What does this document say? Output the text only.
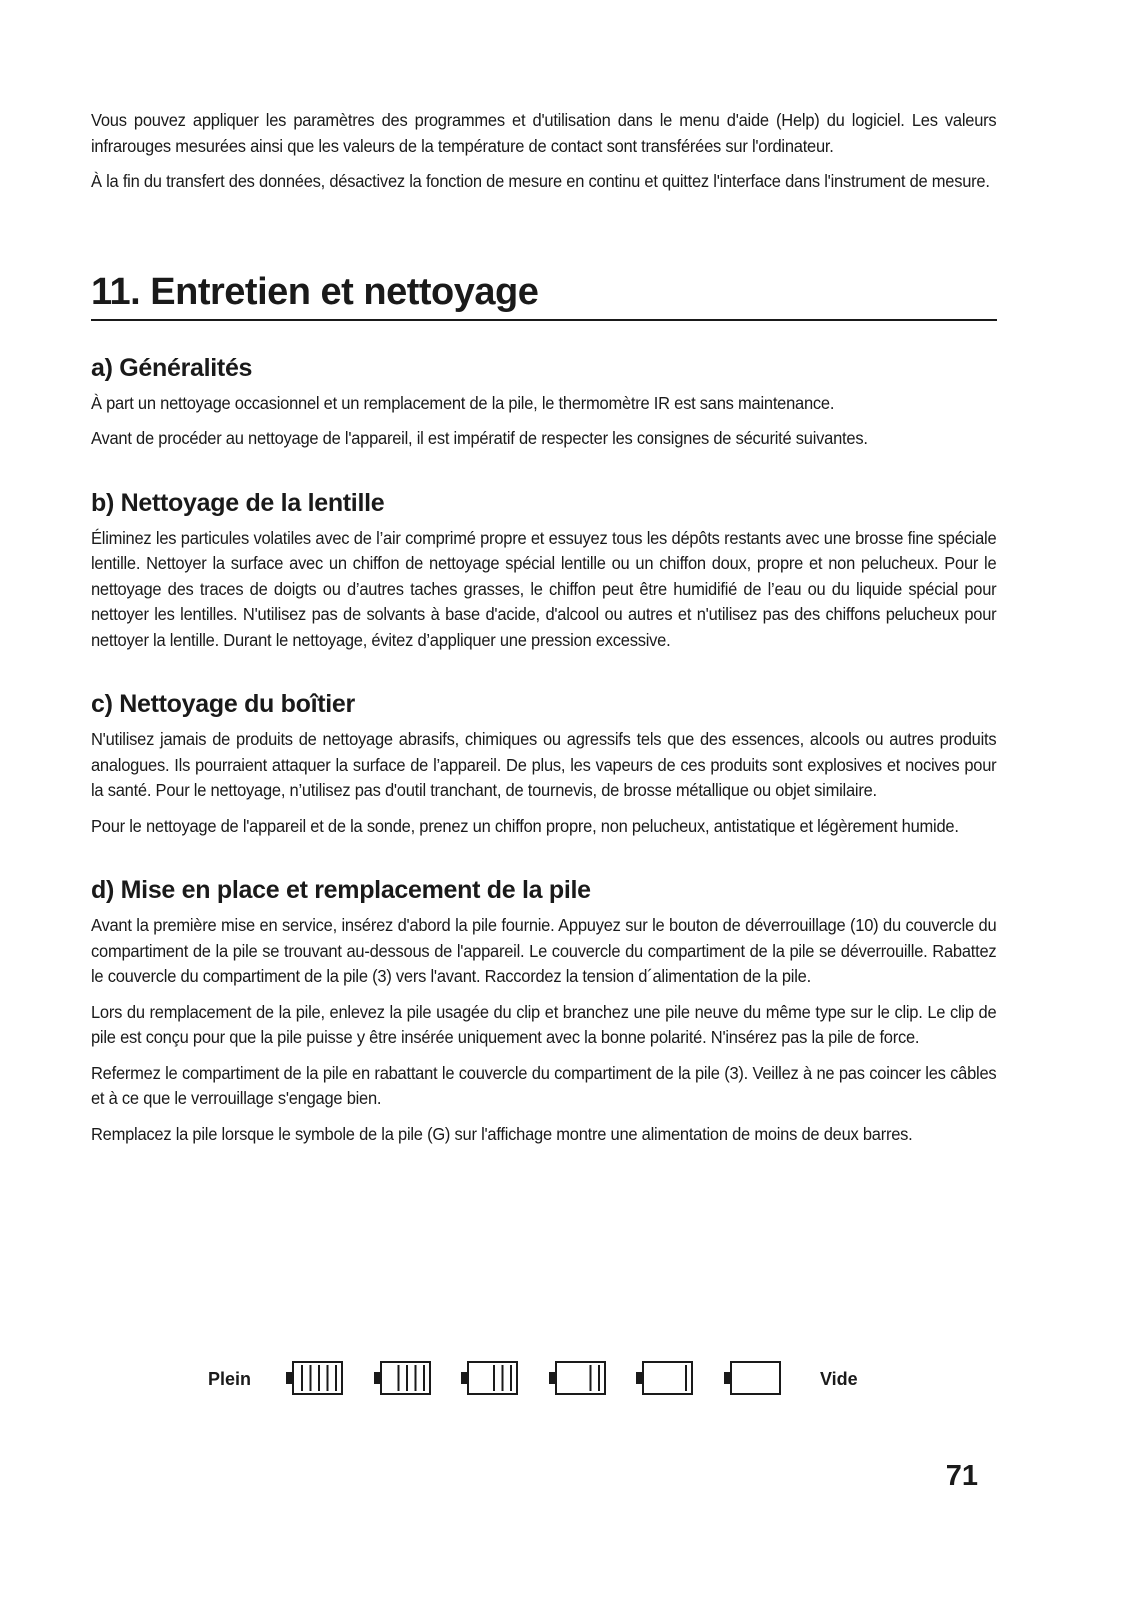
Vous pouvez appliquer les paramètres des programmes et d'utilisation dans le menu d'aide (Help) du logiciel. Les valeurs infrarouges mesurées ainsi que les valeurs de la température de contact sont transférées sur l'ordinateur.

À la fin du transfert des données, désactivez la fonction de mesure en continu et quittez l'interface dans l'instrument de mesure.

11. Entretien et nettoyage
a) Généralités

À part un nettoyage occasionnel et un remplacement de la pile, le thermomètre IR est sans maintenance.

Avant de procéder au nettoyage de l'appareil, il est impératif de respecter les consignes de sécurité suivantes.

b) Nettoyage de la lentille

Éliminez les particules volatiles avec de l’air comprimé propre et essuyez tous les dépôts restants avec une brosse fine spéciale lentille. Nettoyer la surface avec un chiffon de nettoyage spécial lentille ou un chiffon doux, propre et non pelucheux. Pour le nettoyage des traces de doigts ou d’autres taches grasses, le chiffon peut être humidifié de l’eau ou du liquide spécial pour nettoyer les lentilles. N'utilisez pas de solvants à base d'acide, d'alcool ou autres et n'utilisez pas des chiffons pelucheux pour nettoyer la lentille. Durant le nettoyage, évitez d’appliquer une pression excessive.

c) Nettoyage du boîtier

N'utilisez jamais de produits de nettoyage abrasifs, chimiques ou agressifs tels que des essences, alcools ou autres produits analogues. Ils pourraient attaquer la surface de l’appareil. De plus, les vapeurs de ces produits sont explosives et nocives pour la santé. Pour le nettoyage, n’utilisez pas d'outil tranchant, de tournevis, de brosse métallique ou objet similaire.

Pour le nettoyage de l'appareil et de la sonde, prenez un chiffon propre, non pelucheux, antistatique et légèrement humide.

d) Mise en place et remplacement de la pile

Avant la première mise en service, insérez d'abord la pile fournie. Appuyez sur le bouton de déverrouillage (10) du couvercle du compartiment de la pile se trouvant au-dessous de l'appareil. Le couvercle du compartiment de la pile se déverrouille. Rabattez le couvercle du compartiment de la pile (3) vers l'avant. Raccordez la tension d´alimentation de la pile.

Lors du remplacement de la pile, enlevez la pile usagée du clip et branchez une pile neuve du même type sur le clip. Le clip de pile est conçu pour que la pile puisse y être insérée uniquement avec la bonne polarité. N'insérez pas la pile de force.

Refermez le compartiment de la pile en rabattant le couvercle du compartiment de la pile (3). Veillez à ne pas coincer les câbles et à ce que le verrouillage s'engage bien.

Remplacez la pile lorsque le symbole de la pile (G) sur l'affichage montre une alimentation de moins de deux barres.

Plein	Vide
71
